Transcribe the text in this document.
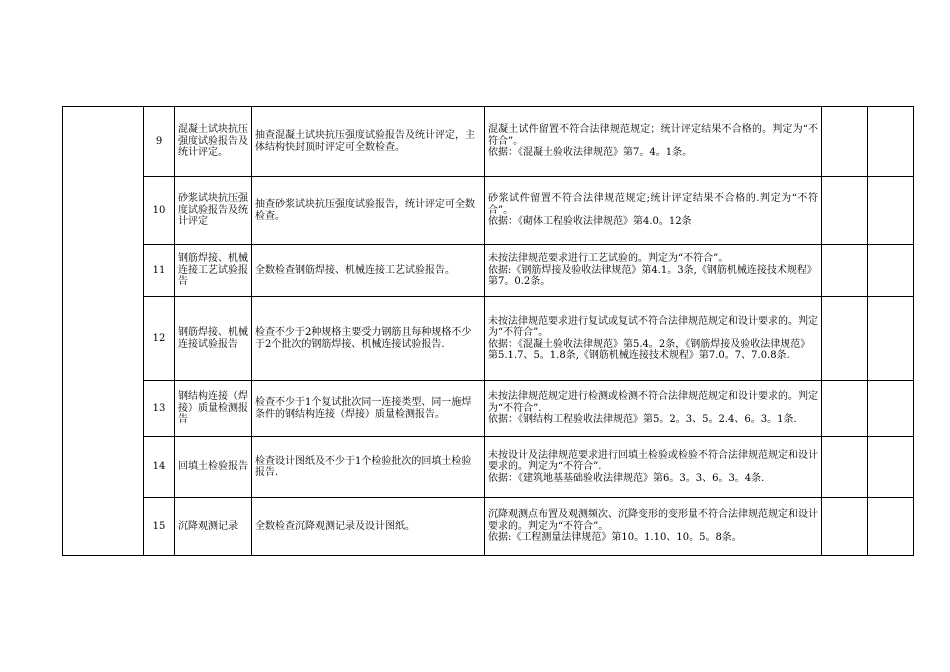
	9	混凝土试块抗压强度试验报告及统计评定。	抽查混凝土试块抗压强度试验报告及统计评定，主体结构快封顶时评定可全数检查。	混凝土试件留置不符合法律规范规定；统计评定结果不合格的。判定为“不符合”。
依据：《混凝土验收法律规范》第7。4。1条。		

	10	砂浆试块抗压强度试验报告及统计评定	抽查砂浆试块抗压强度试验报告，统计评定可全数检查。	砂浆试件留置不符合法律规范规定;统计评定结果不合格的.判定为“不符合”。
依据：《砌体工程验收法律规范》第4.0。12条		

	11	钢筋焊接、机械连接工艺试验报告	全数检查钢筋焊接、机械连接工艺试验报告。	未按法律规范要求进行工艺试验的。判定为“不符合”。
依据:《钢筋焊接及验收法律规范》第4.1。3条,《钢筋机械连接技术规程》第7。0.2条。		

	12	钢筋焊接、机械连接试验报告	检查不少于2种规格主要受力钢筋且每种规格不少于2个批次的钢筋焊接、机械连接试验报告.	未按法律规范要求进行复试或复试不符合法律规范规定和设计要求的。判定为“不符合”。
依据：《混凝土验收法律规范》第5.4。2条，《钢筋焊接及验收法律规范》第5.1.7、5。1.8条,《钢筋机械连接技术规程》第7.0。7、7.0.8条.		

	13	钢结构连接（焊接）质量检测报告	检查不少于1个复试批次同一连接类型、同一施焊条件的钢结构连接（焊接）质量检测报告。	未按法律规范规定进行检测或检测不符合法律规范规定和设计要求的。判定为“不符合”.
依据：《钢结构工程验收法律规范》第5。2。3、5。2.4、6。3。1条.		

	14	回填土检验报告	检查设计图纸及不少于1个检验批次的回填土检验报告.	未按设计及法律规范要求进行回填土检验或检验不符合法律规范规定和设计要求的。判定为“不符合”.
依据：《建筑地基基础验收法律规范》第6。3。3、6。3。4条.		

	15	沉降观测记录	全数检查沉降观测记录及设计图纸。	沉降观测点布置及观测频次、沉降变形的变形量不符合法律规范规定和设计要求的。判定为“不符合”。
依据:《工程测量法律规范》第10。1.10、10。5。8条。		
